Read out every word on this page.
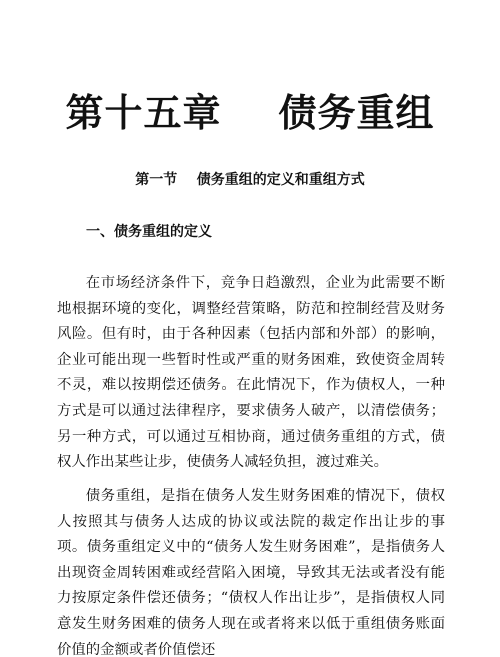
第十五章    债务重组
第一节    债务重组的定义和重组方式
一、债务重组的定义

在市场经济条件下，竞争日趋激烈，企业为此需要不断地根据环境的变化，调整经营策略，防范和控制经营及财务风险。但有时，由于各种因素（包括内部和外部）的影响，企业可能出现一些暂时性或严重的财务困难，致使资金周转不灵，难以按期偿还债务。在此情况下，作为债权人，一种方式是可以通过法律程序，要求债务人破产，以清偿债务；另一种方式，可以通过互相协商，通过债务重组的方式，债权人作出某些让步，使债务人减轻负担，渡过难关。

债务重组，是指在债务人发生财务困难的情况下，债权人按照其与债务人达成的协议或法院的裁定作出让步的事项。债务重组定义中的“债务人发生财务困难”，是指债务人出现资金周转困难或经营陷入困境，导致其无法或者没有能力按原定条件偿还债务；“债权人作出让步”，是指债权人同意发生财务困难的债务人现在或者将来以低于重组债务账面价值的金额或者价值偿还
